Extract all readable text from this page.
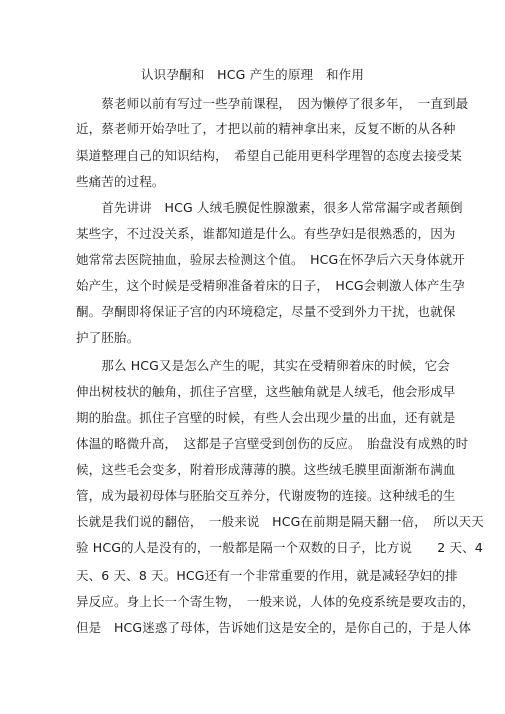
认识孕酮和　HCG 产生的原理　和作用
　　蔡老师以前有写过一些孕前课程，　因为懒停了很多年，　一直到最
近，蔡老师开始孕吐了，才把以前的精神拿出来，反复不断的从各种
渠道整理自己的知识结构，　希望自己能用更科学理智的态度去接受某
些痛苦的过程。
　　首先讲讲　HCG 人绒毛膜促性腺激素，很多人常常漏字或者颠倒
某些字，不过没关系，谁都知道是什么。有些孕妇是很熟悉的，因为
她常常去医院抽血，验尿去检测这个值。　HCG在怀孕后六天身体就开
始产生，这个时候是受精卵准备着床的日子，　HCG会刺激人体产生孕
酮。孕酮即将保证子宫的内环境稳定，尽量不受到外力干扰，也就保
护了胚胎。
　　那么 HCG又是怎么产生的呢，其实在受精卵着床的时候，它会
伸出树枝状的触角，抓住子宫壁，这些触角就是人绒毛，他会形成早
期的胎盘。抓住子宫壁的时候，有些人会出现少量的出血，还有就是
体温的略微升高，　这都是子宫壁受到创伤的反应。　胎盘没有成熟的时
候，这些毛会变多，附着形成薄薄的膜。这些绒毛膜里面渐渐布满血
管，成为最初母体与胚胎交互养分，代谢废物的连接。这种绒毛的生
长就是我们说的翻倍，　一般来说　HCG在前期是隔天翻一倍，　所以天天
验 HCG的人是没有的，一般都是隔一个双数的日子，比方说　　2 天、4
天、6 天、8 天。HCG还有一个非常重要的作用，就是减轻孕妇的排
异反应。身上长一个寄生物，　一般来说，人体的免疫系统是要攻击的，
但是　HCG迷惑了母体，告诉她们这是安全的，是你自己的，于是人体
